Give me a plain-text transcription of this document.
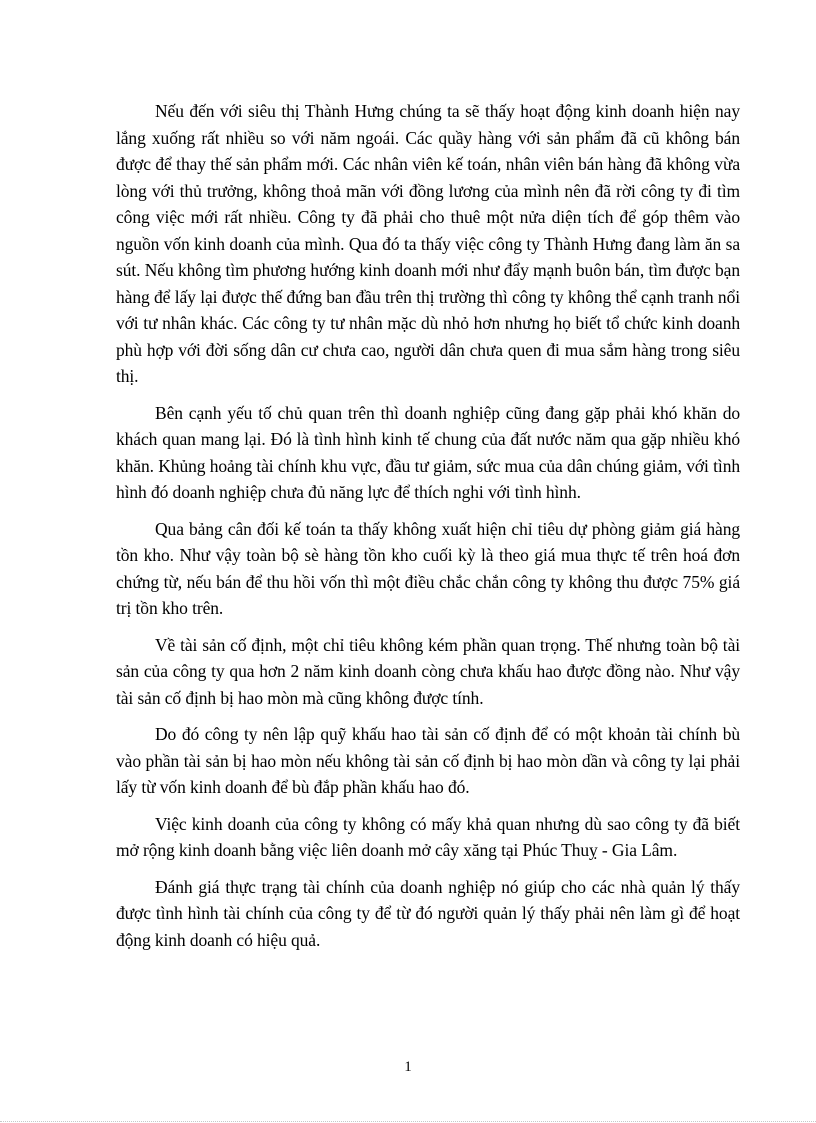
Nếu đến với siêu thị Thành Hưng chúng ta sẽ thấy hoạt động kinh doanh hiện nay lắng xuống rất nhiều so với năm ngoái. Các quầy hàng với sản phẩm đã cũ không bán được để thay thế sản phẩm mới. Các nhân viên kế toán, nhân viên bán hàng đã không vừa lòng với thủ trưởng, không thoả mãn với đồng lương của mình nên đã rời công ty đi tìm công việc mới rất nhiều. Công ty đã phải cho thuê một nửa diện tích để góp thêm vào nguồn vốn kinh doanh của mình. Qua đó ta thấy việc công ty Thành Hưng đang làm ăn sa sút. Nếu không tìm phương hướng kinh doanh mới như đẩy mạnh buôn bán, tìm được bạn hàng để lấy lại được thế đứng ban đầu trên thị trường thì công ty không thể cạnh tranh nổi với tư nhân khác. Các công ty tư nhân mặc dù nhỏ hơn nhưng họ biết tổ chức kinh doanh phù hợp với đời sống dân cư chưa cao, người dân chưa quen đi mua sắm hàng trong siêu thị.

Bên cạnh yếu tố chủ quan trên thì doanh nghiệp cũng đang gặp phải khó khăn do khách quan mang lại. Đó là tình hình kinh tế chung của đất nước năm qua gặp nhiều khó khăn. Khủng hoảng tài chính khu vực, đầu tư giảm, sức mua của dân chúng giảm, với tình hình đó doanh nghiệp chưa đủ năng lực để thích nghi với tình hình.

Qua bảng cân đối kế toán ta thấy không xuất hiện chỉ tiêu dự phòng giảm giá hàng tồn kho. Như vậy toàn bộ sè hàng tồn kho cuối kỳ là theo giá mua thực tế trên hoá đơn chứng từ, nếu bán để thu hồi vốn thì một điều chắc chắn công ty không thu được 75% giá trị tồn kho trên.

Về tài sản cố định, một chỉ tiêu không kém phần quan trọng. Thế nhưng toàn bộ tài sản của công ty qua hơn 2 năm kinh doanh còng chưa khấu hao được đồng nào. Như vậy tài sản cố định bị hao mòn mà cũng không được tính.

Do đó công ty nên lập quỹ khấu hao tài sản cố định để có một khoản tài chính bù vào phần tài sản bị hao mòn nếu không tài sản cố định bị hao mòn dần và công ty lại phải lấy từ vốn kinh doanh để bù đắp phần khấu hao đó.

Việc kinh doanh của công ty không có mấy khả quan nhưng dù sao công ty đã biết mở rộng kinh doanh bằng việc liên doanh mở cây xăng tại Phúc Thuỵ - Gia Lâm.

Đánh giá thực trạng tài chính của doanh nghiệp nó giúp cho các nhà quản lý thấy được tình hình tài chính của công ty để từ đó người quản lý thấy phải nên làm gì để hoạt động kinh doanh có hiệu quả.

1
